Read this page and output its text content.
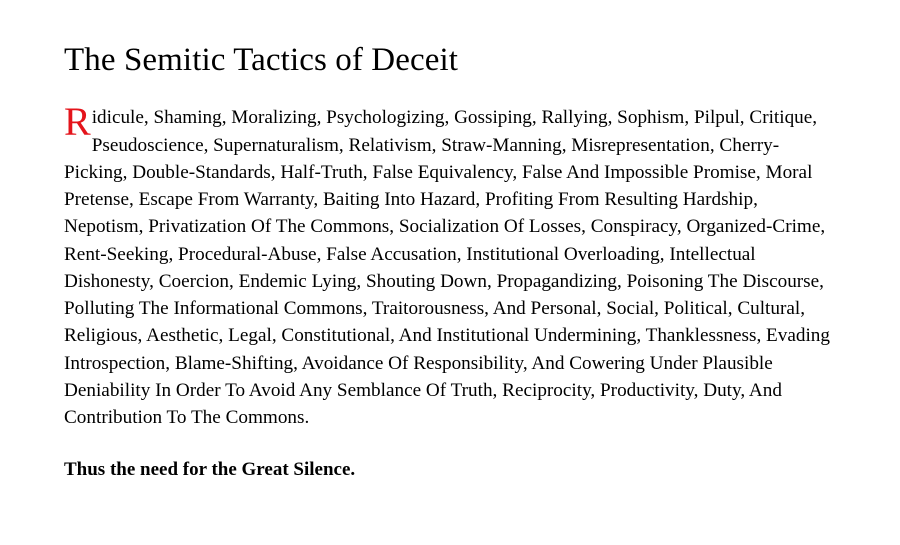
The Semitic Tactics of Deceit
Ridicule, Shaming, Moralizing, Psychologizing, Gossiping, Rallying, Sophism, Pilpul, Critique, Pseudoscience, Supernaturalism, Relativism, Straw-Manning, Misrepresentation, Cherry-Picking, Double-Standards, Half-Truth, False Equivalency, False And Impossible Promise, Moral Pretense, Escape From Warranty, Baiting Into Hazard, Profiting From Resulting Hardship, Nepotism, Privatization Of The Commons, Socialization Of Losses, Conspiracy, Organized-Crime, Rent-Seeking, Procedural-Abuse, False Accusation, Institutional Overloading, Intellectual Dishonesty, Coercion, Endemic Lying, Shouting Down, Propagandizing, Poisoning The Discourse, Polluting The Informational Commons, Traitorousness, And Personal, Social, Political, Cultural, Religious, Aesthetic, Legal, Constitutional, And Institutional Undermining, Thanklessness, Evading Introspection, Blame-Shifting, Avoidance Of Responsibility, And Cowering Under Plausible Deniability In Order To Avoid Any Semblance Of Truth, Reciprocity, Productivity, Duty, And Contribution To The Commons.

Thus the need for the Great Silence.
